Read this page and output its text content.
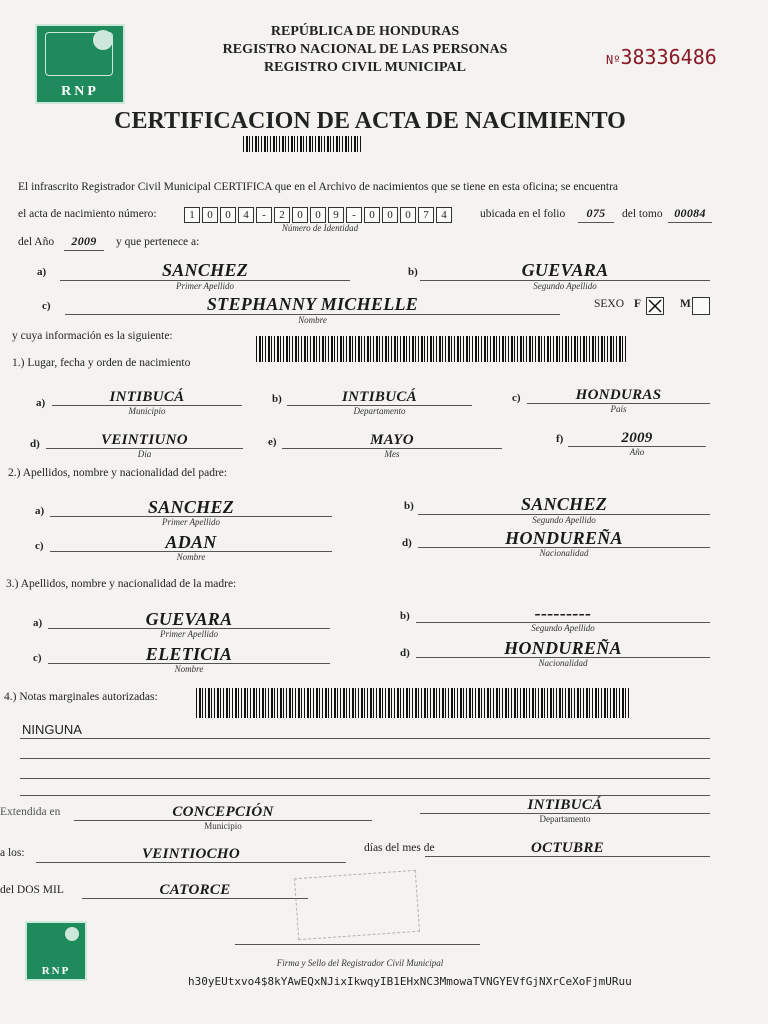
RNP
REPÚBLICA DE HONDURAS
REGISTRO NACIONAL DE LAS PERSONAS
REGISTRO CIVIL MUNICIPAL	Nº38336486
CERTIFICACION DE ACTA DE NACIMIENTO
El infrascrito Registrador Civil Municipal CERTIFICA que en el Archivo de nacimientos que se tiene en esta oficina; se encuentra
el acta de nacimiento número:	1 0 0 4 - 2 0 0 9 - 0 0 0 7 4
Número de Identidad
ubicada en el folio	075	del tomo 00084
del Año	2009	y que pertenece a:
a)	SANCHEZ
Primer Apellido
b)	GUEVARA
Segundo Apellido
c)	STEPHANNY MICHELLE
Nombre
SEXO F	M
y cuya información es la siguiente:
1.) Lugar, fecha y orden de nacimiento
a)	INTIBUCÁ
Municipio
b)	INTIBUCÁ
Departamento
c)	HONDURAS
País
d)	VEINTIUNO
Día
e)	MAYO
Mes
f)	2009
Año
2.) Apellidos, nombre y nacionalidad del padre:
a)	SANCHEZ
Primer Apellido
b)	SANCHEZ
Segundo Apellido
c)	ADAN
Nombre
d)	HONDUREÑA
Nacionalidad
3.) Apellidos, nombre y nacionalidad de la madre:
a)	GUEVARA
Primer Apellido
b)	---------
Segundo Apellido
c)	ELETICIA
Nombre
d)	HONDUREÑA
Nacionalidad
4.) Notas marginales autorizadas:
NINGUNA
Extendida en	CONCEPCIÓN
Municipio
INTIBUCÁ
Departamento
a los:	VEINTIOCHO	días del mes de	OCTUBRE
del DOS MIL	CATORCE
RNP
Firma y Sello del Registrador Civil Municipal
h30yEUtxvo4$8kYAwEQxNJixIkwqyIB1EHxNC3MmowaTVNGYEVfGjNXrCeXoFjmURuu
